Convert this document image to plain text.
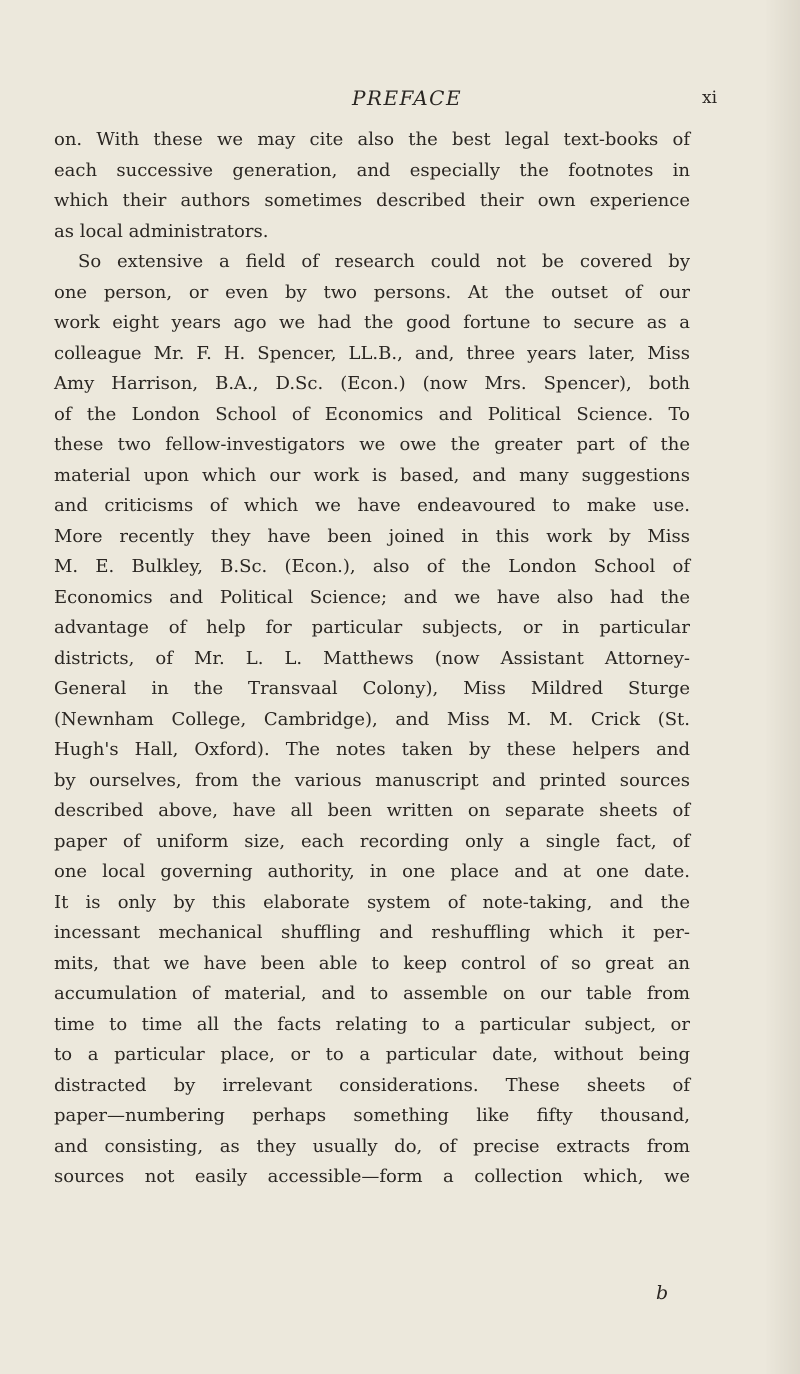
PREFACE	xi
on. With these we may cite also the best legal text-books of
each successive generation, and especially the footnotes in
which their authors sometimes described their own experience
as local administrators.
So extensive a field of research could not be covered by
one person, or even by two persons. At the outset of our
work eight years ago we had the good fortune to secure as a
colleague Mr. F. H. Spencer, LL.B., and, three years later, Miss
Amy Harrison, B.A., D.Sc. (Econ.) (now Mrs. Spencer), both
of the London School of Economics and Political Science. To
these two fellow-investigators we owe the greater part of the
material upon which our work is based, and many suggestions
and criticisms of which we have endeavoured to make use.
More recently they have been joined in this work by Miss
M. E. Bulkley, B.Sc. (Econ.), also of the London School of
Economics and Political Science; and we have also had the
advantage of help for particular subjects, or in particular
districts, of Mr. L. L. Matthews (now Assistant Attorney-
General in the Transvaal Colony), Miss Mildred Sturge
(Newnham College, Cambridge), and Miss M. M. Crick (St.
Hugh's Hall, Oxford). The notes taken by these helpers and
by ourselves, from the various manuscript and printed sources
described above, have all been written on separate sheets of
paper of uniform size, each recording only a single fact, of
one local governing authority, in one place and at one date.
It is only by this elaborate system of note-taking, and the
incessant mechanical shuffling and reshuffling which it per-
mits, that we have been able to keep control of so great an
accumulation of material, and to assemble on our table from
time to time all the facts relating to a particular subject, or
to a particular place, or to a particular date, without being
distracted by irrelevant considerations. These sheets of
paper—numbering perhaps something like fifty thousand,
and consisting, as they usually do, of precise extracts from
sources not easily accessible—form a collection which, we
b
